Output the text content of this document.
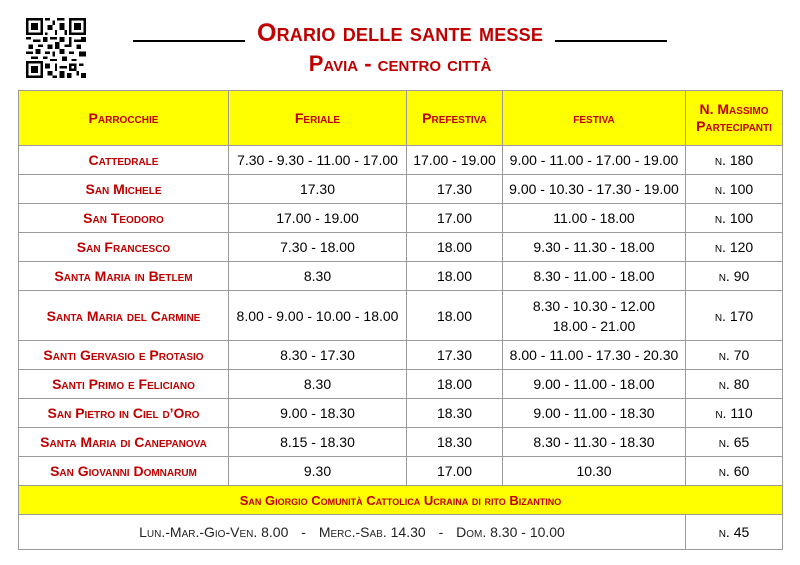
Orario delle sante messe
Pavia - centro città
Parrocchie	Feriale	Prefestiva	festiva	N. Massimo
Partecipanti
Cattedrale	7.30 - 9.30 - 11.00 - 17.00	17.00 - 19.00	9.00 - 11.00 - 17.00 - 19.00	n. 180
San Michele	17.30	17.30	9.00 - 10.30 - 17.30 - 19.00	n. 100
San Teodoro	17.00 - 19.00	17.00	11.00 - 18.00	n. 100
San Francesco	7.30 - 18.00	18.00	9.30 - 11.30 - 18.00	n. 120
Santa Maria in Betlem	8.30	18.00	8.30 - 11.00 - 18.00	n. 90
Santa Maria del Carmine	8.00 - 9.00 - 10.00 - 18.00	18.00	8.30 - 10.30 - 12.00
18.00 - 21.00	n. 170
Santi Gervasio e Protasio	8.30 - 17.30	17.30	8.00 - 11.00 - 17.30 - 20.30	n. 70
Santi Primo e Feliciano	8.30	18.00	9.00 - 11.00 - 18.00	n. 80
San Pietro in Ciel d’Oro	9.00 - 18.30	18.30	9.00 - 11.00 - 18.30	n. 110
Santa Maria di Canepanova	8.15 - 18.30	18.30	8.30 - 11.30 - 18.30	n. 65
San Giovanni Domnarum	9.30	17.00	10.30	n. 60
San Giorgio Comunità Cattolica Ucraina di rito Bizantino				
Lun.-Mar.-Gio-Ven. 8.00 - Merc.-Sab. 14.30 - Dom. 8.30 - 10.00				n. 45
